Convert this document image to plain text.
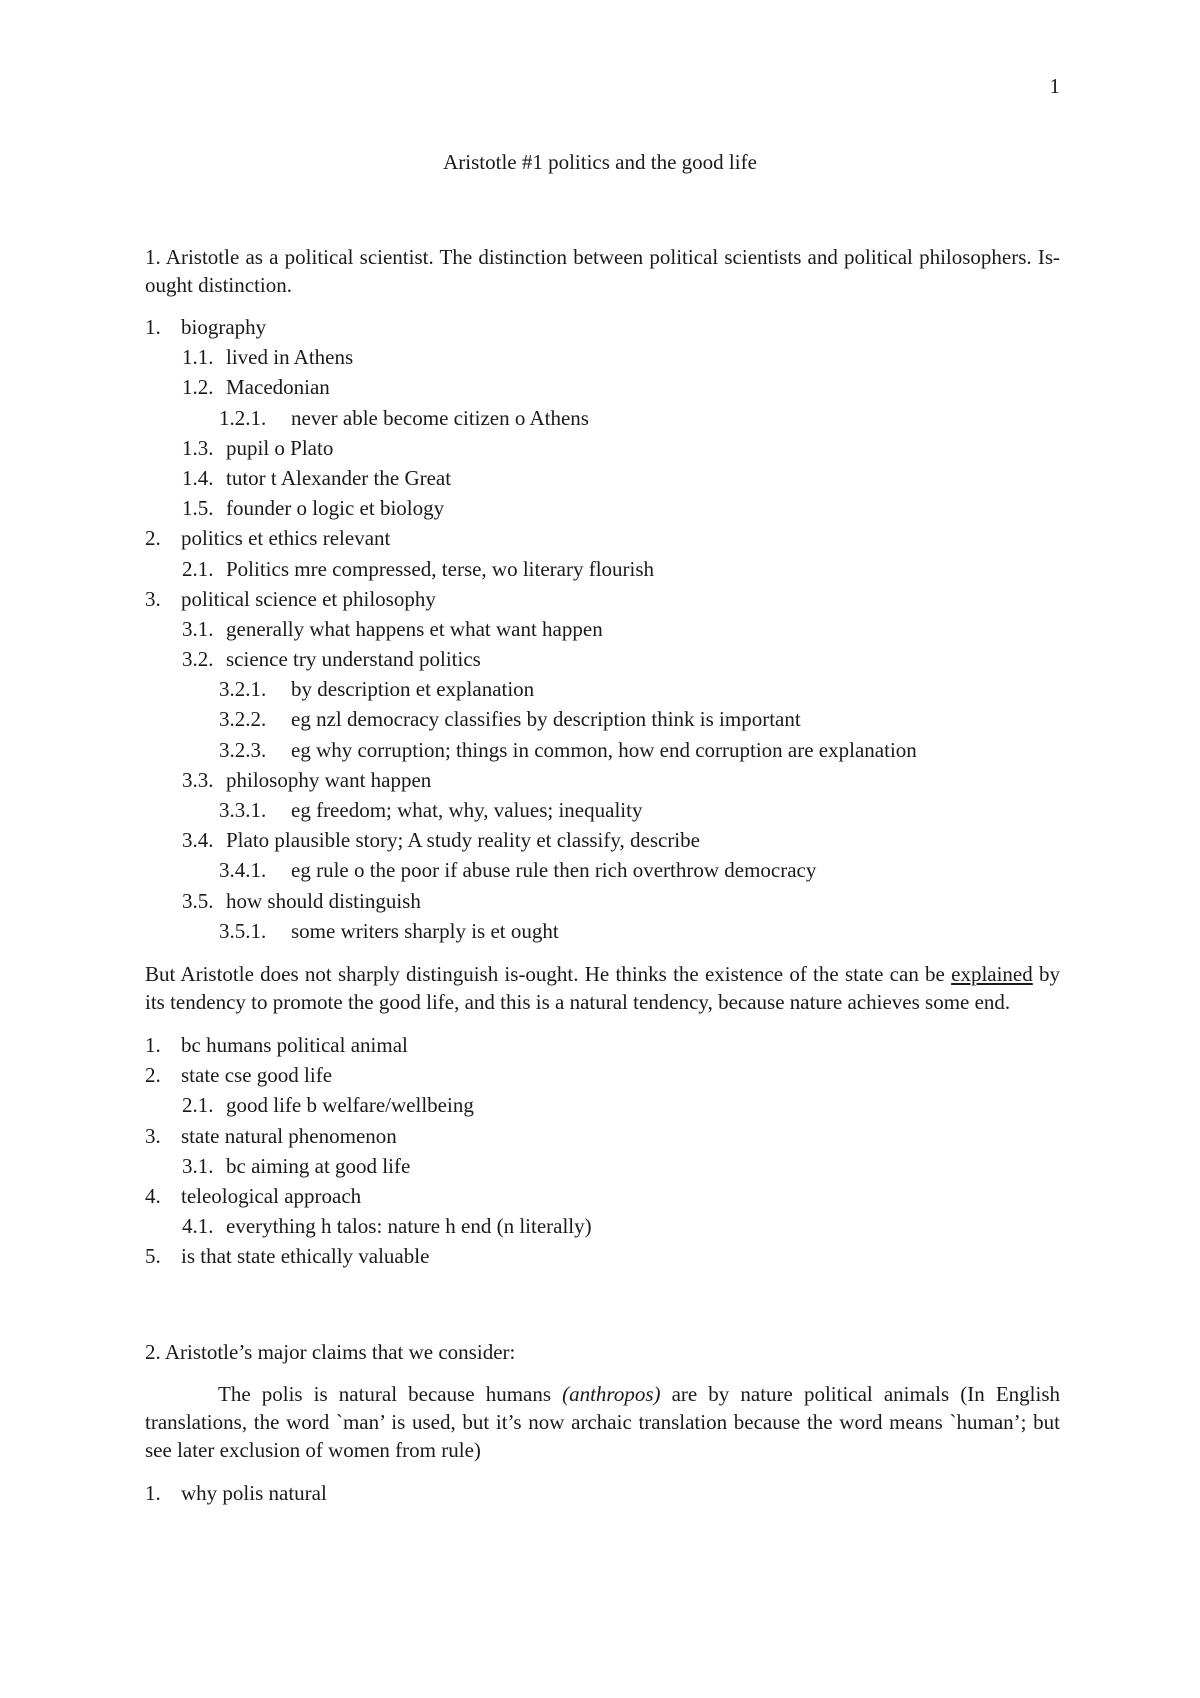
1
Aristotle #1 politics and the good life

1. Aristotle as a political scientist. The distinction between political scientists and political philosophers. Is-ought distinction.

1. biography
1.1. lived in Athens
1.2. Macedonian
1.2.1. never able become citizen o Athens
1.3. pupil o Plato
1.4. tutor t Alexander the Great
1.5. founder o logic et biology
2. politics et ethics relevant
2.1. Politics mre compressed, terse, wo literary flourish
3. political science et philosophy
3.1. generally what happens et what want happen
3.2. science try understand politics
3.2.1. by description et explanation
3.2.2. eg nzl democracy classifies by description think is important
3.2.3. eg why corruption; things in common, how end corruption are explanation
3.3. philosophy want happen
3.3.1. eg freedom; what, why, values; inequality
3.4. Plato plausible story; A study reality et classify, describe
3.4.1. eg rule o the poor if abuse rule then rich overthrow democracy
3.5. how should distinguish
3.5.1. some writers sharply is et ought

But Aristotle does not sharply distinguish is-ought. He thinks the existence of the state can be explained by its tendency to promote the good life, and this is a natural tendency, because nature achieves some end.

1. bc humans political animal
2. state cse good life
2.1. good life b welfare/wellbeing
3. state natural phenomenon
3.1. bc aiming at good life
4. teleological approach
4.1. everything h talos: nature h end (n literally)
5. is that state ethically valuable

2. Aristotle’s major claims that we consider:

The polis is natural because humans (anthropos) are by nature political animals (In English translations, the word `man’ is used, but it’s now archaic translation because the word means `human’; but see later exclusion of women from rule)

1. why polis natural
